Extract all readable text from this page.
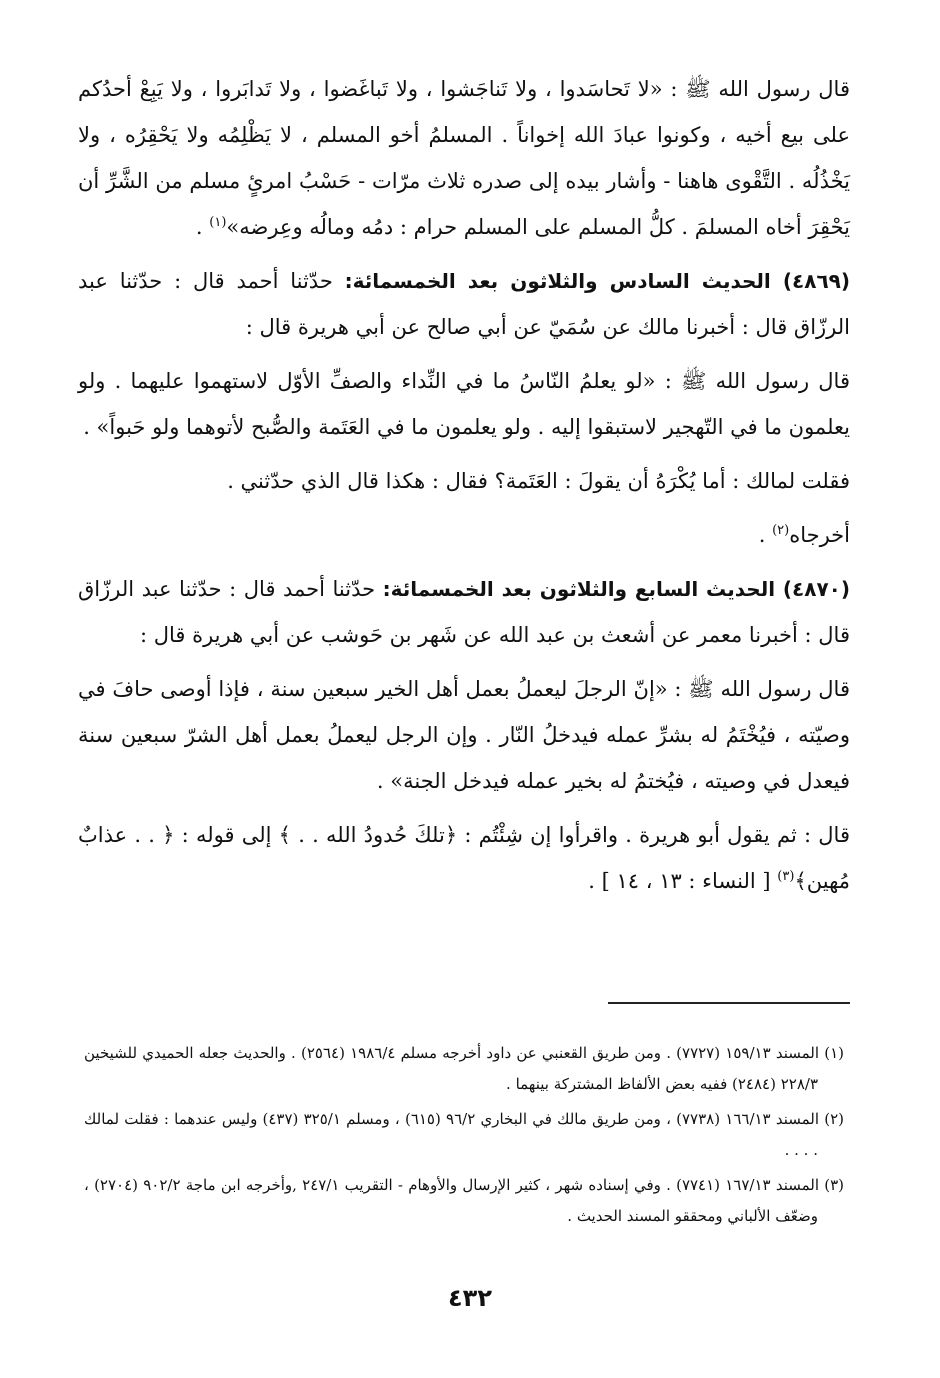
قال رسول الله ﷺ : «لا تَحاسَدوا ، ولا تَناجَشوا ، ولا تَباغَضوا ، ولا تَدابَروا ، ولا يَبِعْ أحدُكم على بيع أخيه ، وكونوا عبادَ الله إخواناً . المسلمُ أخو المسلم ، لا يَظْلِمُه ولا يَحْقِرُه ، ولا يَخْذُلُه . التَّقْوى هاهنا - وأشار بيده إلى صدره ثلاث مرّات - حَسْبُ امرئٍ مسلم من الشَّرِّ أن يَحْقِرَ أخاه المسلمَ . كلُّ المسلم على المسلم حرام : دمُه ومالُه وعِرضه»$^{(١)}$ .

(٤٨٦٩) الحديث السادس والثلاثون بعد الخمسمائة: حدّثنا أحمد قال : حدّثنا عبد الرزّاق قال : أخبرنا مالك عن سُمَيّ عن أبي صالح عن أبي هريرة قال :

قال رسول الله ﷺ : «لو يعلمُ النّاسُ ما في النِّداء والصفِّ الأوّل لاستهموا عليهما . ولو يعلمون ما في التّهجير لاستبقوا إليه . ولو يعلمون ما في العَتَمة والصُّبح لأتوهما ولو حَبواً» .

فقلت لمالك : أما يُكْرَهُ أن يقولَ : العَتَمة؟ فقال : هكذا قال الذي حدّثني .

أخرجاه$^{(٢)}$ .

(٤٨٧٠) الحديث السابع والثلاثون بعد الخمسمائة: حدّثنا أحمد قال : حدّثنا عبد الرزّاق قال : أخبرنا معمر عن أشعث بن عبد الله عن شَهر بن حَوشب عن أبي هريرة قال :

قال رسول الله ﷺ : «إنّ الرجلَ ليعملُ بعمل أهل الخير سبعين سنة ، فإذا أوصى حافَ في وصيّته ، فيُخْتَمُ له بشرِّ عمله فيدخلُ النّار . وإن الرجل ليعملُ بعمل أهل الشرّ سبعين سنة فيعدل في وصيته ، فيُختمُ له بخير عمله فيدخل الجنة» .

قال : ثم يقول أبو هريرة . واقرأوا إن شِئْتُم : ﴿تلكَ حُدودُ الله . . ﴾ إلى قوله : ﴿ . . عذابٌ مُهين﴾$^{(٣)}$ [ النساء : ١٣ ، ١٤ ] .

(١) المسند ١٥٩/١٣ (٧٧٢٧) . ومن طريق القعنبي عن داود أخرجه مسلم ١٩٨٦/٤ (٢٥٦٤) . والحديث جعله الحميدي للشيخين ٢٢٨/٣ (٢٤٨٤) ففيه بعض الألفاظ المشتركة بينهما .

(٢) المسند ١٦٦/١٣ (٧٧٣٨) ، ومن طريق مالك في البخاري ٩٦/٢ (٦١٥) ، ومسلم ٣٢٥/١ (٤٣٧) وليس عندهما : فقلت لمالك . . . .

(٣) المسند ١٦٧/١٣ (٧٧٤١) . وفي إسناده شهر ، كثير الإرسال والأوهام - التقريب ٢٤٧/١ ,وأخرجه ابن ماجة ٩٠٢/٢ (٢٧٠٤) ، وضعّف الألباني ومحققو المسند الحديث .

٤٣٢
